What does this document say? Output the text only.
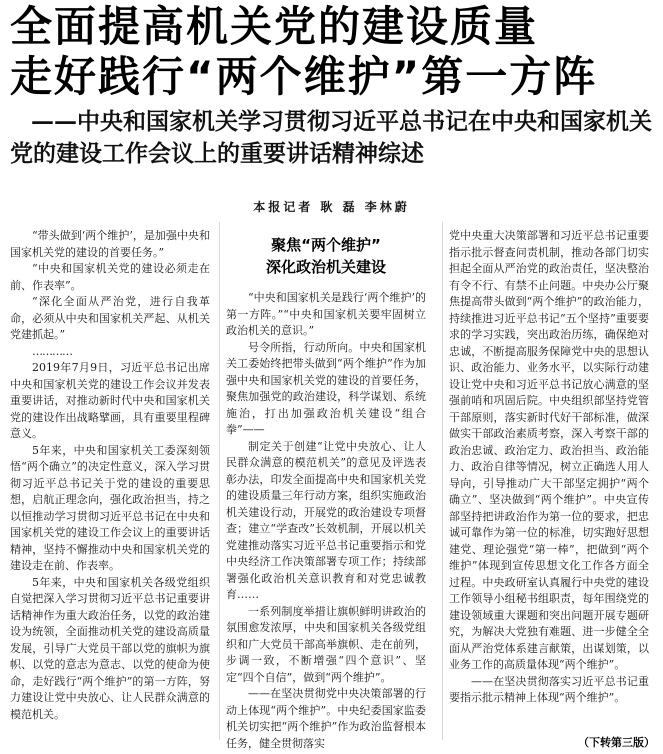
全面提高机关党的建设质量
走好践行“两个维护”第一方阵
——中央和国家机关学习贯彻习近平总书记在中央和国家机关
党的建设工作会议上的重要讲话精神综述
本报记者 耿 磊 李林蔚

“带头做到‘两个维护’，是加强中央和国家机关党的建设的首要任务。”

“中央和国家机关党的建设必须走在前、作表率”。

“深化全面从严治党，进行自我革命，必须从中央和国家机关严起、从机关党建抓起。”

…………

2019年7月9日，习近平总书记出席中央和国家机关党的建设工作会议并发表重要讲话，对推动新时代中央和国家机关党的建设作出战略擘画，具有重要里程碑意义。

5年来，中央和国家机关工委深刻领悟“两个确立”的决定性意义，深入学习贯彻习近平总书记关于党的建设的重要思想，启航正理念向，强化政治担当，持之以恒推动学习贯彻习近平总书记在中央和国家机关党的建设工作会议上的重要讲话精神，坚持不懈推动中央和国家机关党的建设走在前、作表率。

5年来，中央和国家机关各级党组织自觉把深入学习贯彻习近平总书记重要讲话精神作为重大政治任务，以党的政治建设为统领，全面推动机关党的建设高质量发展，引导广大党员干部以党的旗帜为旗帜、以党的意志为意志、以党的使命为使命，走好践行“两个维护”的第一方阵，努力建设让党中央放心、让人民群众满意的模范机关。

聚焦“两个维护”
深化政治机关建设

“中央和国家机关是践行‘两个维护’的第一方阵。”“中央和国家机关要牢固树立政治机关的意识。”

号令所指，行动所向。中央和国家机关工委始终把带头做到“两个维护”作为加强中央和国家机关党的建设的首要任务，聚焦加强党的政治建设，科学谋划、系统施治，打出加强政治机关建设“组合拳”——

制定关于创建“让党中央放心、让人民群众满意的模范机关”的意见及评选表彰办法，印发全面提高中央和国家机关党的建设质量三年行动方案，组织实施政治机关建设行动，开展党的政治建设专项督查；建立“学查改”长效机制，开展以机关党建推动落实习近平总书记重要指示和党中央经济工作决策部署专项工作；持续部署强化政治机关意识教育和对党忠诚教育……

一系列制度举措让旗帜鲜明讲政治的氛围愈发浓厚，中央和国家机关各级党组织和广大党员干部高举旗帜、走在前列，步调一致，不断增强“四个意识”、坚定“四个自信”，做到“两个维护”。

——在坚决贯彻党中央决策部署的行动上体现“两个维护”。中央纪委国家监委机关切实把“两个维护”作为政治监督根本任务，健全贯彻落实

党中央重大决策部署和习近平总书记重要指示批示督查问责机制，推动各部门切实担起全面从严治党的政治责任，坚决整治有令不行、有禁不止问题。中央办公厅聚焦提高带头做到“两个维护”的政治能力，持续推进习近平总书记“五个坚持”重要要求的学习实践，突出政治历练，确保绝对忠诚，不断提高服务保障党中央的思想认识、政治能力、业务水平，以实际行动建设让党中央和习近平总书记放心满意的坚强前哨和巩固后院。中央组织部坚持党管干部原则，落实新时代好干部标准，做深做实干部政治素质考察，深入考察干部的政治忠诚、政治定力、政治担当、政治能力、政治自律等情况，树立正确选人用人导向，引导推动广大干部坚定拥护“两个确立”、坚决做到“两个维护”。中央宣传部坚持把讲政治作为第一位的要求，把忠诚可靠作为第一位的标准，切实跑好思想建党、理论强党“第一棒”，把做到“两个维护”体现到宣传思想文化工作各方面全过程。中央政研室认真履行中央党的建设工作领导小组秘书组职责，每年围绕党的建设领域重大课题和突出问题开展专题研究，为解决大党独有难题、进一步健全全面从严治党体系建言献策，出谋划策，以业务工作的高质量体现“两个维护”。

——在坚决贯彻落实习近平总书记重要指示批示精神上体现“两个维护”。

（下转第三版）
